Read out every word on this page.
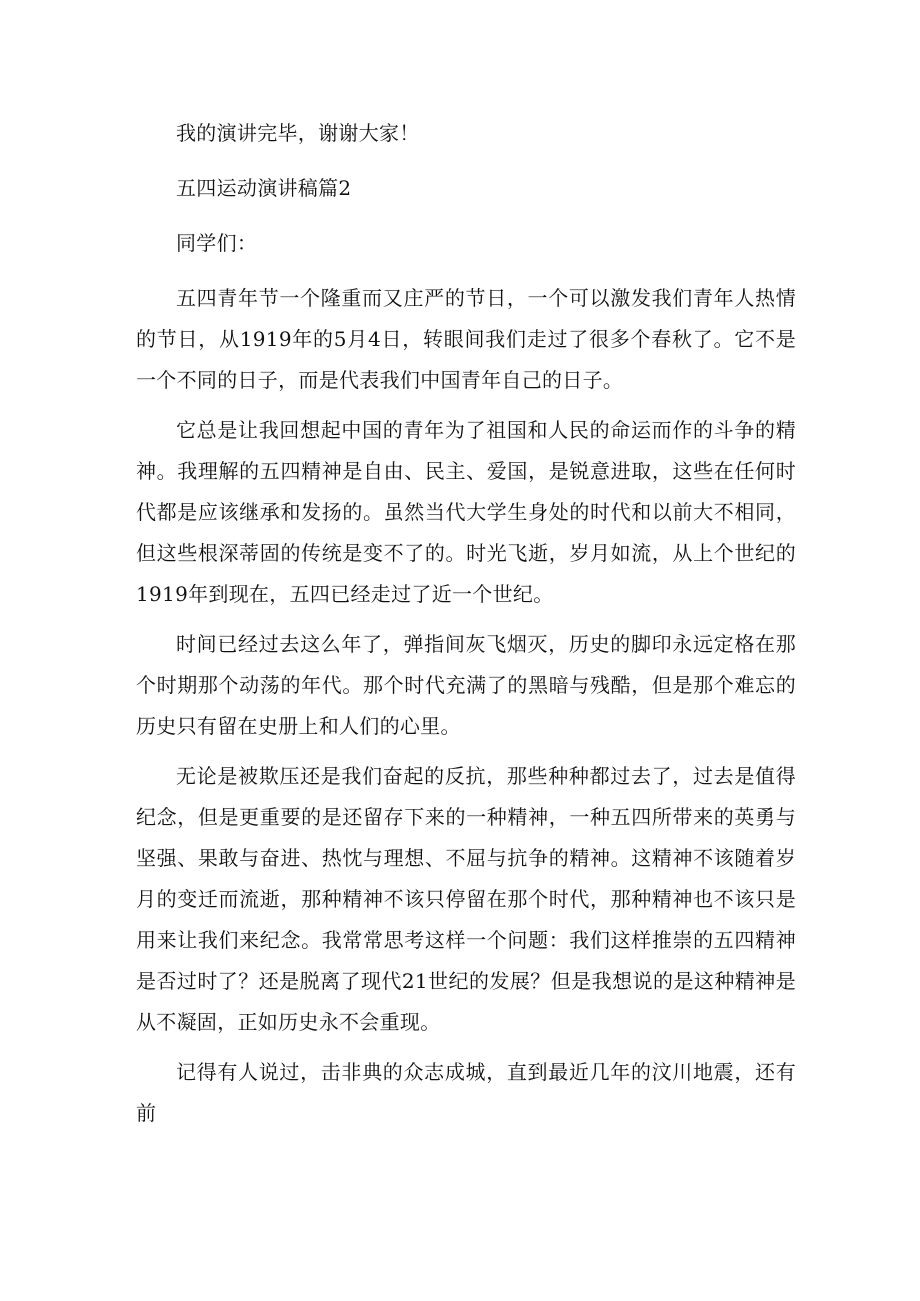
我的演讲完毕，谢谢大家！

五四运动演讲稿篇2

同学们：

五四青年节一个隆重而又庄严的节日，一个可以激发我们青年人热情的节日，从1919年的5月4日，转眼间我们走过了很多个春秋了。它不是一个不同的日子，而是代表我们中国青年自己的日子。

它总是让我回想起中国的青年为了祖国和人民的命运而作的斗争的精神。我理解的五四精神是自由、民主、爱国，是锐意进取，这些在任何时代都是应该继承和发扬的。虽然当代大学生身处的时代和以前大不相同，但这些根深蒂固的传统是变不了的。时光飞逝，岁月如流，从上个世纪的1919年到现在，五四已经走过了近一个世纪。

时间已经过去这么年了，弹指间灰飞烟灭，历史的脚印永远定格在那个时期那个动荡的年代。那个时代充满了的黑暗与残酷，但是那个难忘的历史只有留在史册上和人们的心里。

无论是被欺压还是我们奋起的反抗，那些种种都过去了，过去是值得纪念，但是更重要的是还留存下来的一种精神，一种五四所带来的英勇与坚强、果敢与奋进、热忱与理想、不屈与抗争的精神。这精神不该随着岁月的变迁而流逝，那种精神不该只停留在那个时代，那种精神也不该只是用来让我们来纪念。我常常思考这样一个问题：我们这样推崇的五四精神是否过时了？还是脱离了现代21世纪的发展？但是我想说的是这种精神是从不凝固，正如历史永不会重现。

记得有人说过，击非典的众志成城，直到最近几年的汶川地震，还有前
